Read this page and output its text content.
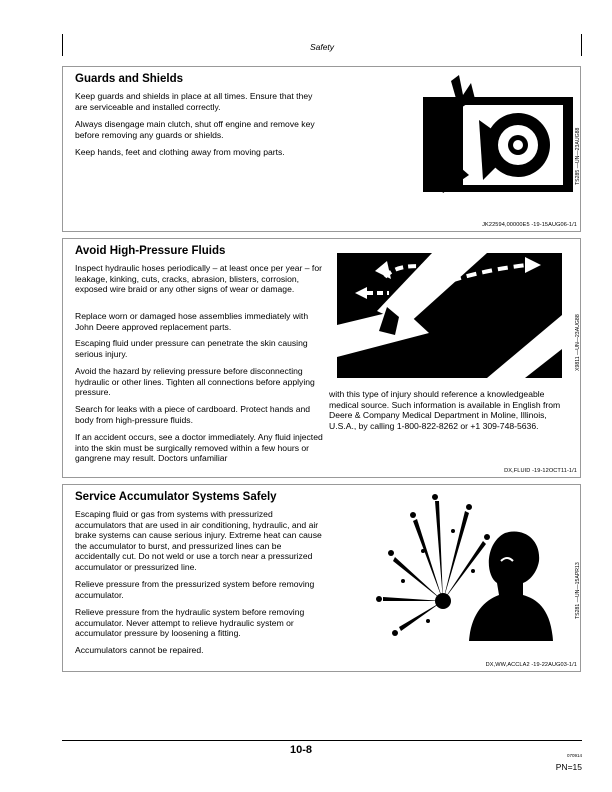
Safety
Guards and Shields

Keep guards and shields in place at all times. Ensure that they are serviceable and installed correctly.

Always disengage main clutch, shut off engine and remove key before removing any guards or shields.

Keep hands, feet and clothing away from moving parts.	TS285 —UN—23AUG88
JK22594,00000E5 -19-15AUG06-1/1
Avoid High-Pressure Fluids

Inspect hydraulic hoses periodically – at least once per year – for leakage, kinking, cuts, cracks, abrasion, blisters, corrosion, exposed wire braid or any other signs of wear or damage.

Replace worn or damaged hose assemblies immediately with John Deere approved replacement parts.

Escaping fluid under pressure can penetrate the skin causing serious injury.

Avoid the hazard by relieving pressure before disconnecting hydraulic or other lines. Tighten all connections before applying pressure.

Search for leaks with a piece of cardboard. Protect hands and body from high-pressure fluids.

If an accident occurs, see a doctor immediately. Any fluid injected into the skin must be surgically removed within a few hours or gangrene may result. Doctors unfamiliar

with this type of injury should reference a knowledgeable medical source. Such information is available in English from Deere & Company Medical Department in Moline, Illinois, U.S.A., by calling 1-800-822-8262 or +1 309-748-5636.

X9811 —UN—23AUG88
DX,FLUID -19-12OCT11-1/1
Service Accumulator Systems Safely

Escaping fluid or gas from systems with pressurized accumulators that are used in air conditioning, hydraulic, and air brake systems can cause serious injury. Extreme heat can cause the accumulator to burst, and pressurized lines can be accidentally cut. Do not weld or use a torch near a pressurized accumulator or pressurized line.

Relieve pressure from the pressurized system before removing accumulator.

Relieve pressure from the hydraulic system before removing accumulator. Never attempt to relieve hydraulic system or accumulator pressure by loosening a fitting.

Accumulators cannot be repaired.

TS281 —UN—15APR13
DX,WW,ACCLA2 -19-22AUG03-1/1
10-8	070914
PN=15
